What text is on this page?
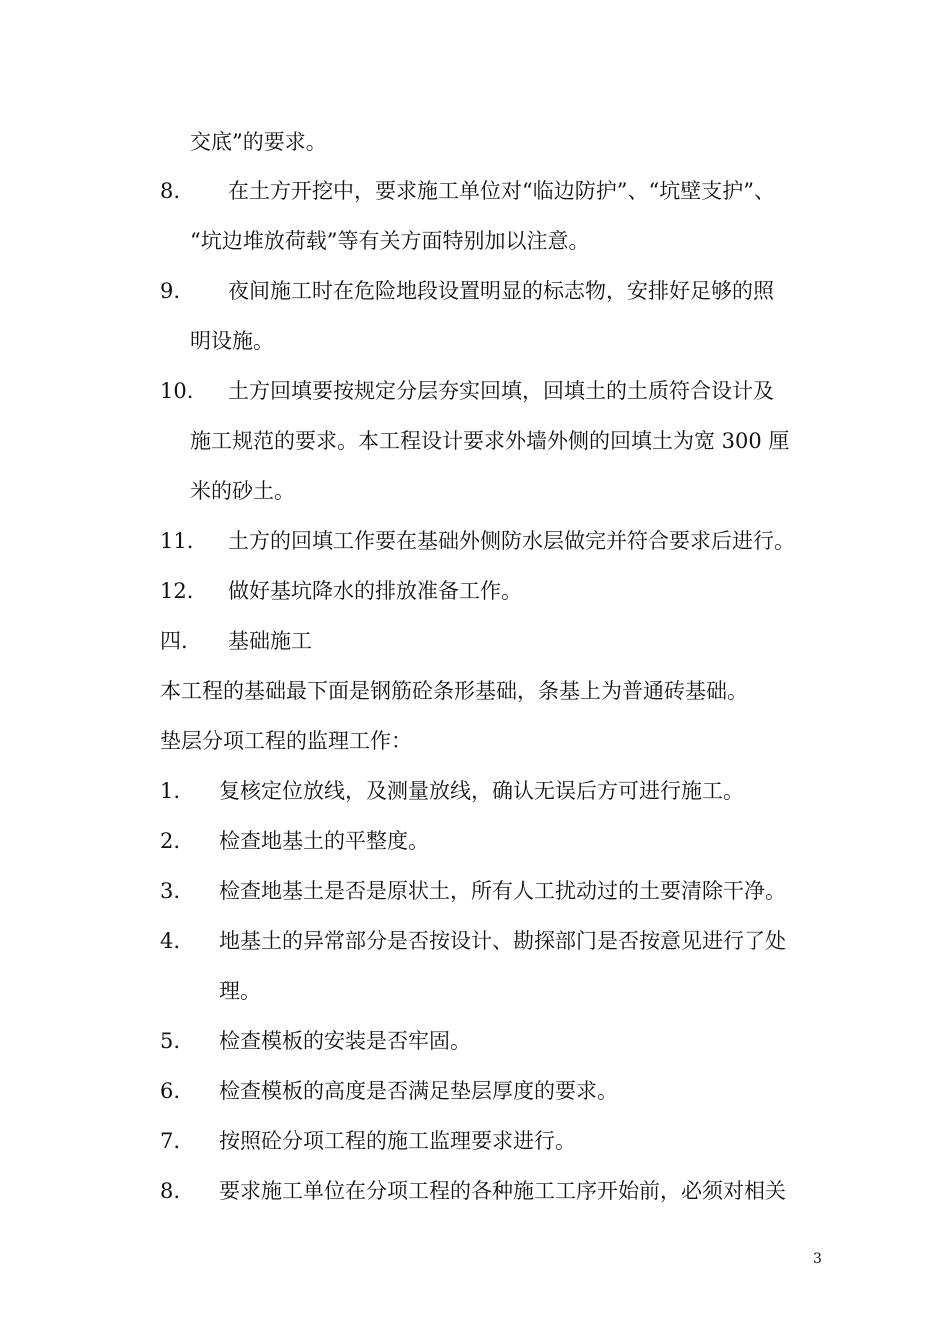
交底”的要求。
8. 在土方开挖中，要求施工单位对“临边防护”、“坑壁支护”、
“坑边堆放荷载”等有关方面特别加以注意。
9. 夜间施工时在危险地段设置明显的标志物，安排好足够的照
明设施。
10. 土方回填要按规定分层夯实回填，回填土的土质符合设计及
施工规范的要求。本工程设计要求外墙外侧的回填土为宽 300 厘
米的砂土。
11. 土方的回填工作要在基础外侧防水层做完并符合要求后进行。
12. 做好基坑降水的排放准备工作。
四. 基础施工
本工程的基础最下面是钢筋砼条形基础，条基上为普通砖基础。
垫层分项工程的监理工作：
1. 复核定位放线，及测量放线，确认无误后方可进行施工。
2. 检查地基土的平整度。
3. 检查地基土是否是原状土，所有人工扰动过的土要清除干净。
4. 地基土的异常部分是否按设计、勘探部门是否按意见进行了处
理。
5. 检查模板的安装是否牢固。
6. 检查模板的高度是否满足垫层厚度的要求。
7. 按照砼分项工程的施工监理要求进行。
8. 要求施工单位在分项工程的各种施工工序开始前，必须对相关
3
